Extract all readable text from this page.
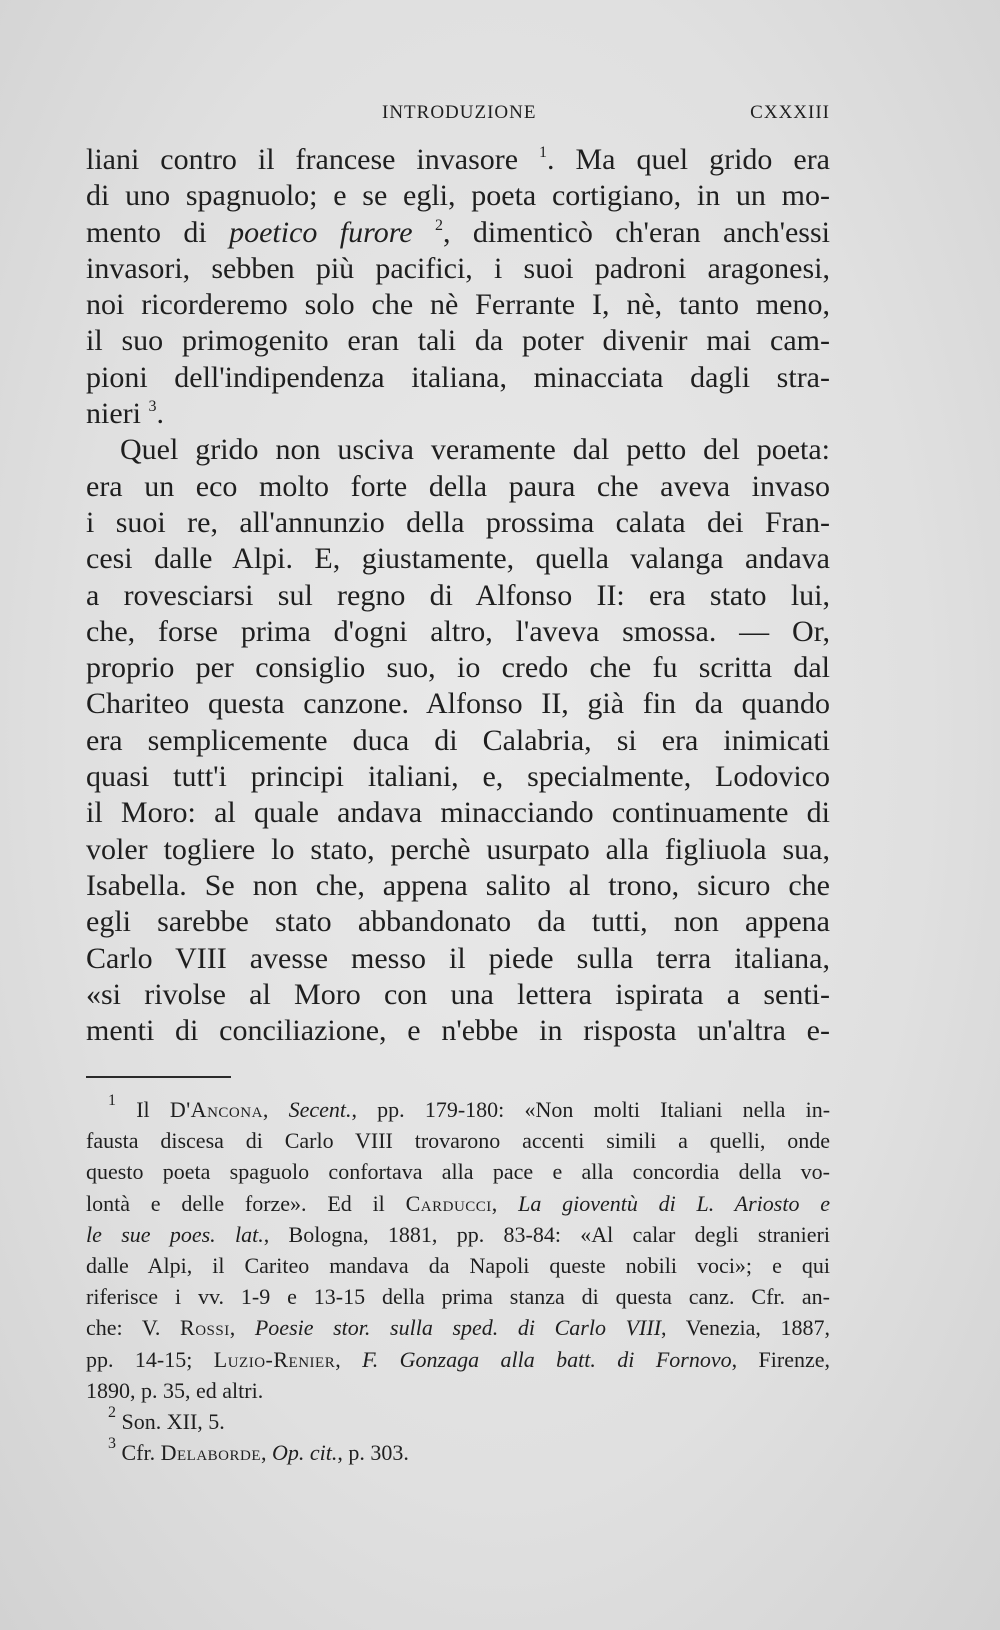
INTRODUZIONE	CXXXIII
liani contro il francese invasore $^1$. Ma quel grido era
di uno spagnuolo; e se egli, poeta cortigiano, in un mo-
mento di poetico furore $^2$, dimenticò ch'eran anch'essi
invasori, sebben più pacifici, i suoi padroni aragonesi,
noi ricorderemo solo che nè Ferrante I, nè, tanto meno,
il suo primogenito eran tali da poter divenir mai cam-
pioni dell'indipendenza italiana, minacciata dagli stra-
nieri $^3$.
Quel grido non usciva veramente dal petto del poeta:
era un eco molto forte della paura che aveva invaso
i suoi re, all'annunzio della prossima calata dei Fran-
cesi dalle Alpi. E, giustamente, quella valanga andava
a rovesciarsi sul regno di Alfonso II: era stato lui,
che, forse prima d'ogni altro, l'aveva smossa. — Or,
proprio per consiglio suo, io credo che fu scritta dal
Chariteo questa canzone. Alfonso II, già fin da quando
era semplicemente duca di Calabria, si era inimicati
quasi tutt'i principi italiani, e, specialmente, Lodovico
il Moro: al quale andava minacciando continuamente di
voler togliere lo stato, perchè usurpato alla figliuola sua,
Isabella. Se non che, appena salito al trono, sicuro che
egli sarebbe stato abbandonato da tutti, non appena
Carlo VIII avesse messo il piede sulla terra italiana,
«si rivolse al Moro con una lettera ispirata a senti-
menti di conciliazione, e n'ebbe in risposta un'altra e-
$^1$ Il D'Ancona, Secent., pp. 179-180: «Non molti Italiani nella in-
fausta discesa di Carlo VIII trovarono accenti simili a quelli, onde
questo poeta spaguolo confortava alla pace e alla concordia della vo-
lontà e delle forze». Ed il Carducci, La gioventù di L. Ariosto e
le sue poes. lat., Bologna, 1881, pp. 83-84: «Al calar degli stranieri
dalle Alpi, il Cariteo mandava da Napoli queste nobili voci»; e qui
riferisce i vv. 1-9 e 13-15 della prima stanza di questa canz. Cfr. an-
che: V. Rossi, Poesie stor. sulla sped. di Carlo VIII, Venezia, 1887,
pp. 14-15; Luzio-Renier, F. Gonzaga alla batt. di Fornovo, Firenze,
1890, p. 35, ed altri.
$^2$ Son. XII, 5.
$^3$ Cfr. Delaborde, Op. cit., p. 303.
